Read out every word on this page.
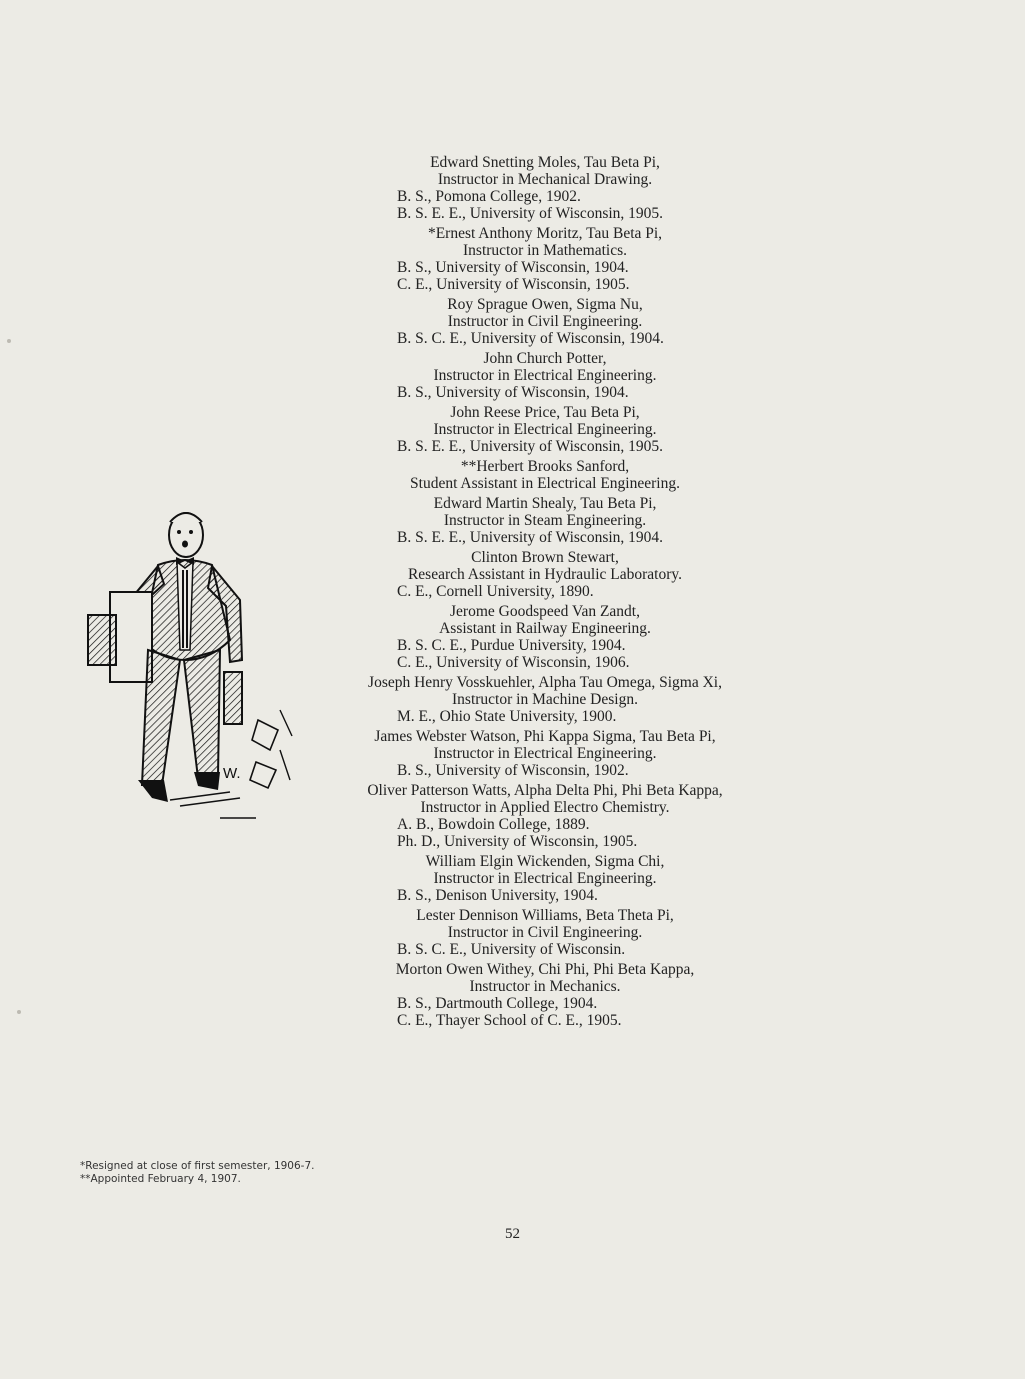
W.
Edward Snetting Moles, Tau Beta Pi,
Instructor in Mechanical Drawing.
B. S., Pomona College, 1902.
B. S. E. E., University of Wisconsin, 1905.
*Ernest Anthony Moritz, Tau Beta Pi,
Instructor in Mathematics.
B. S., University of Wisconsin, 1904.
C. E., University of Wisconsin, 1905.
Roy Sprague Owen, Sigma Nu,
Instructor in Civil Engineering.
B. S. C. E., University of Wisconsin, 1904.
John Church Potter,
Instructor in Electrical Engineering.
B. S., University of Wisconsin, 1904.
John Reese Price, Tau Beta Pi,
Instructor in Electrical Engineering.
B. S. E. E., University of Wisconsin, 1905.
**Herbert Brooks Sanford,
Student Assistant in Electrical Engineering.
Edward Martin Shealy, Tau Beta Pi,
Instructor in Steam Engineering.
B. S. E. E., University of Wisconsin, 1904.
Clinton Brown Stewart,
Research Assistant in Hydraulic Laboratory.
C. E., Cornell University, 1890.
Jerome Goodspeed Van Zandt,
Assistant in Railway Engineering.
B. S. C. E., Purdue University, 1904.
C. E., University of Wisconsin, 1906.
Joseph Henry Vosskuehler, Alpha Tau Omega, Sigma Xi,
Instructor in Machine Design.
M. E., Ohio State University, 1900.
James Webster Watson, Phi Kappa Sigma, Tau Beta Pi,
Instructor in Electrical Engineering.
B. S., University of Wisconsin, 1902.
Oliver Patterson Watts, Alpha Delta Phi, Phi Beta Kappa,
Instructor in Applied Electro Chemistry.
A. B., Bowdoin College, 1889.
Ph. D., University of Wisconsin, 1905.
William Elgin Wickenden, Sigma Chi,
Instructor in Electrical Engineering.
B. S., Denison University, 1904.
Lester Dennison Williams, Beta Theta Pi,
Instructor in Civil Engineering.
B. S. C. E., University of Wisconsin.
Morton Owen Withey, Chi Phi, Phi Beta Kappa,
Instructor in Mechanics.
B. S., Dartmouth College, 1904.
C. E., Thayer School of C. E., 1905.
*Resigned at close of first semester, 1906-7.
**Appointed February 4, 1907.
52
